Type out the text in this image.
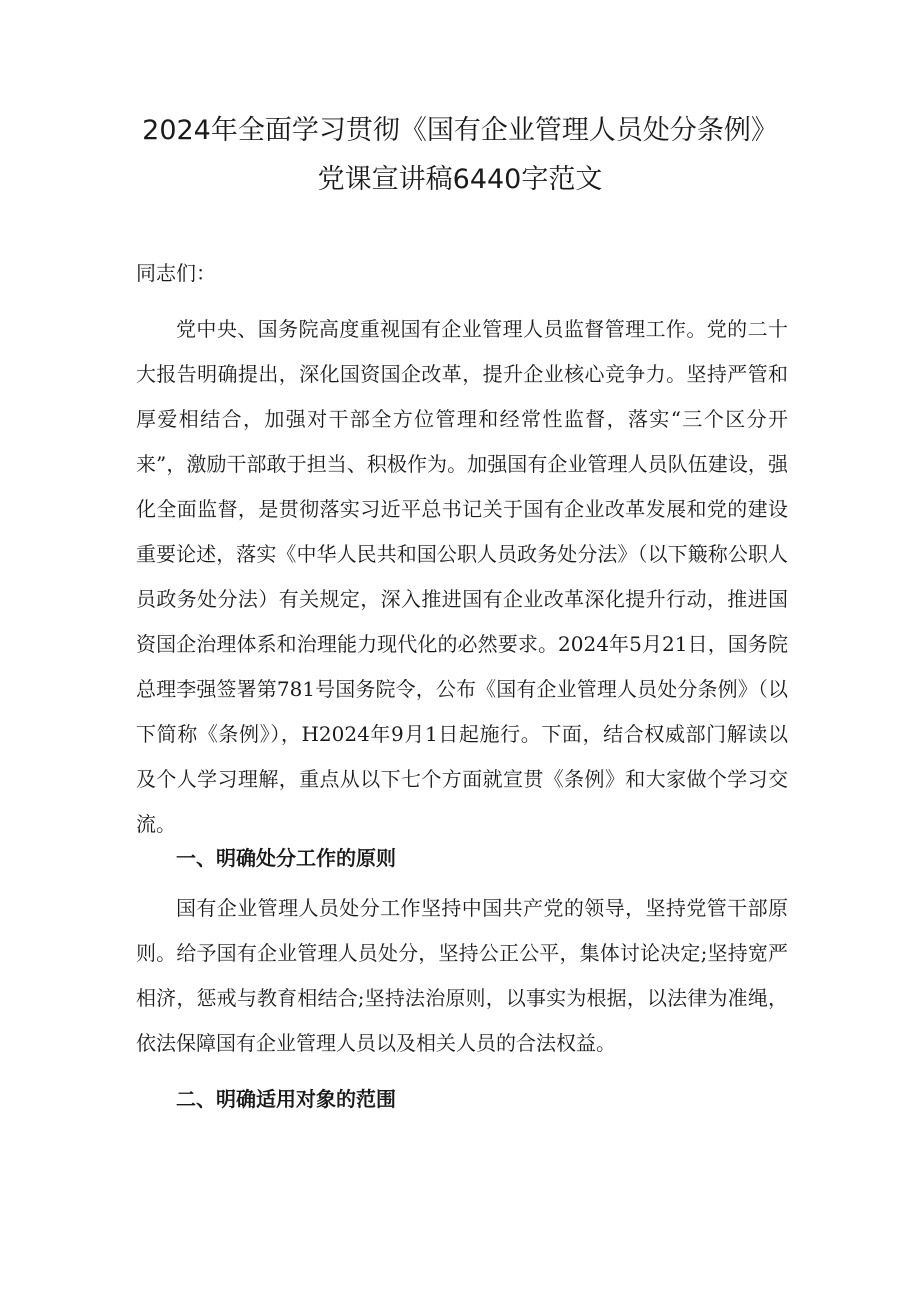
2024年全面学习贯彻《国有企业管理人员处分条例》
党课宣讲稿6440字范文
同志们：

党中央、国务院高度重视国有企业管理人员监督管理工作。党的二十大报告明确提出，深化国资国企改革，提升企业核心竞争力。坚持严管和厚爱相结合，加强对干部全方位管理和经常性监督，落实“三个区分开来”，激励干部敢于担当、积极作为。加强国有企业管理人员队伍建设，强化全面监督，是贯彻落实习近平总书记关于国有企业改革发展和党的建设重要论述，落实《中华人民共和国公职人员政务处分法》（以下簸称公职人员政务处分法）有关规定，深入推进国有企业改革深化提升行动，推进国资国企治理体系和治理能力现代化的必然要求。2024年5月21日，国务院总理李强签署第781号国务院令，公布《国有企业管理人员处分条例》（以下简称《条例》），H2024年9月1日起施行。下面，结合权威部门解读以及个人学习理解，重点从以下七个方面就宣贯《条例》和大家做个学习交流。

一、明确处分工作的原则

国有企业管理人员处分工作坚持中国共产党的领导，坚持党管干部原则。给予国有企业管理人员处分，坚持公正公平，集体讨论决定;坚持宽严相济，惩戒与教育相结合;坚持法治原则，以事实为根据，以法律为准绳，依法保障国有企业管理人员以及相关人员的合法权益。

二、明确适用对象的范围
